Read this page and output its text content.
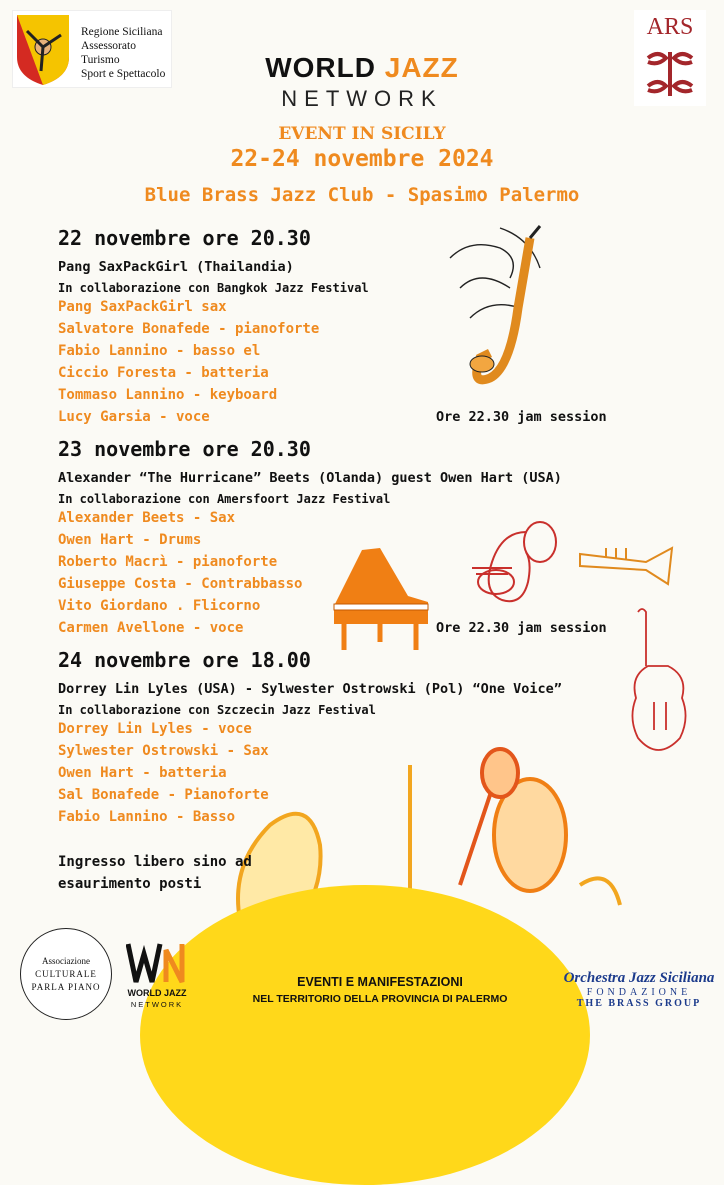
Regione Siciliana
Assessorato Turismo
Sport e Spettacolo
ARS
WORLD JAZZ
NETWORK
EVENT IN SICILY
22-24 novembre 2024
Blue Brass Jazz Club - Spasimo Palermo
22 novembre ore 20.30
Pang SaxPackGirl (Thailandia)
In collaborazione con Bangkok Jazz Festival
Pang SaxPackGirl sax
Salvatore Bonafede - pianoforte
Fabio Lannino - basso el
Ciccio Foresta - batteria
Tommaso Lannino - keyboard
Lucy Garsia - voce	Ore 22.30 jam session
23 novembre ore 20.30
Alexander “The Hurricane” Beets (Olanda) guest Owen Hart (USA)
In collaborazione con Amersfoort Jazz Festival
Alexander Beets - Sax
Owen Hart - Drums
Roberto Macrì - pianoforte
Giuseppe Costa - Contrabbasso
Vito Giordano . Flicorno
Carmen Avellone - voce	Ore 22.30 jam session
24 novembre ore 18.00
Dorrey Lin Lyles (USA) - Sylwester Ostrowski (Pol) “One Voice”
In collaborazione con Szczecin Jazz Festival
Dorrey Lin Lyles - voce
Sylwester Ostrowski - Sax
Owen Hart - batteria
Sal Bonafede - Pianoforte
Fabio Lannino - Basso
Ingresso libero sino ad
esaurimento posti
EVENTI E MANIFESTAZIONI
NEL TERRITORIO DELLA PROVINCIA DI PALERMO
Associazione
CULTURALE
PARLA PIANO
WORLD JAZZ
NETWORK
Orchestra Jazz Siciliana
FONDAZIONE
THE BRASS GROUP
